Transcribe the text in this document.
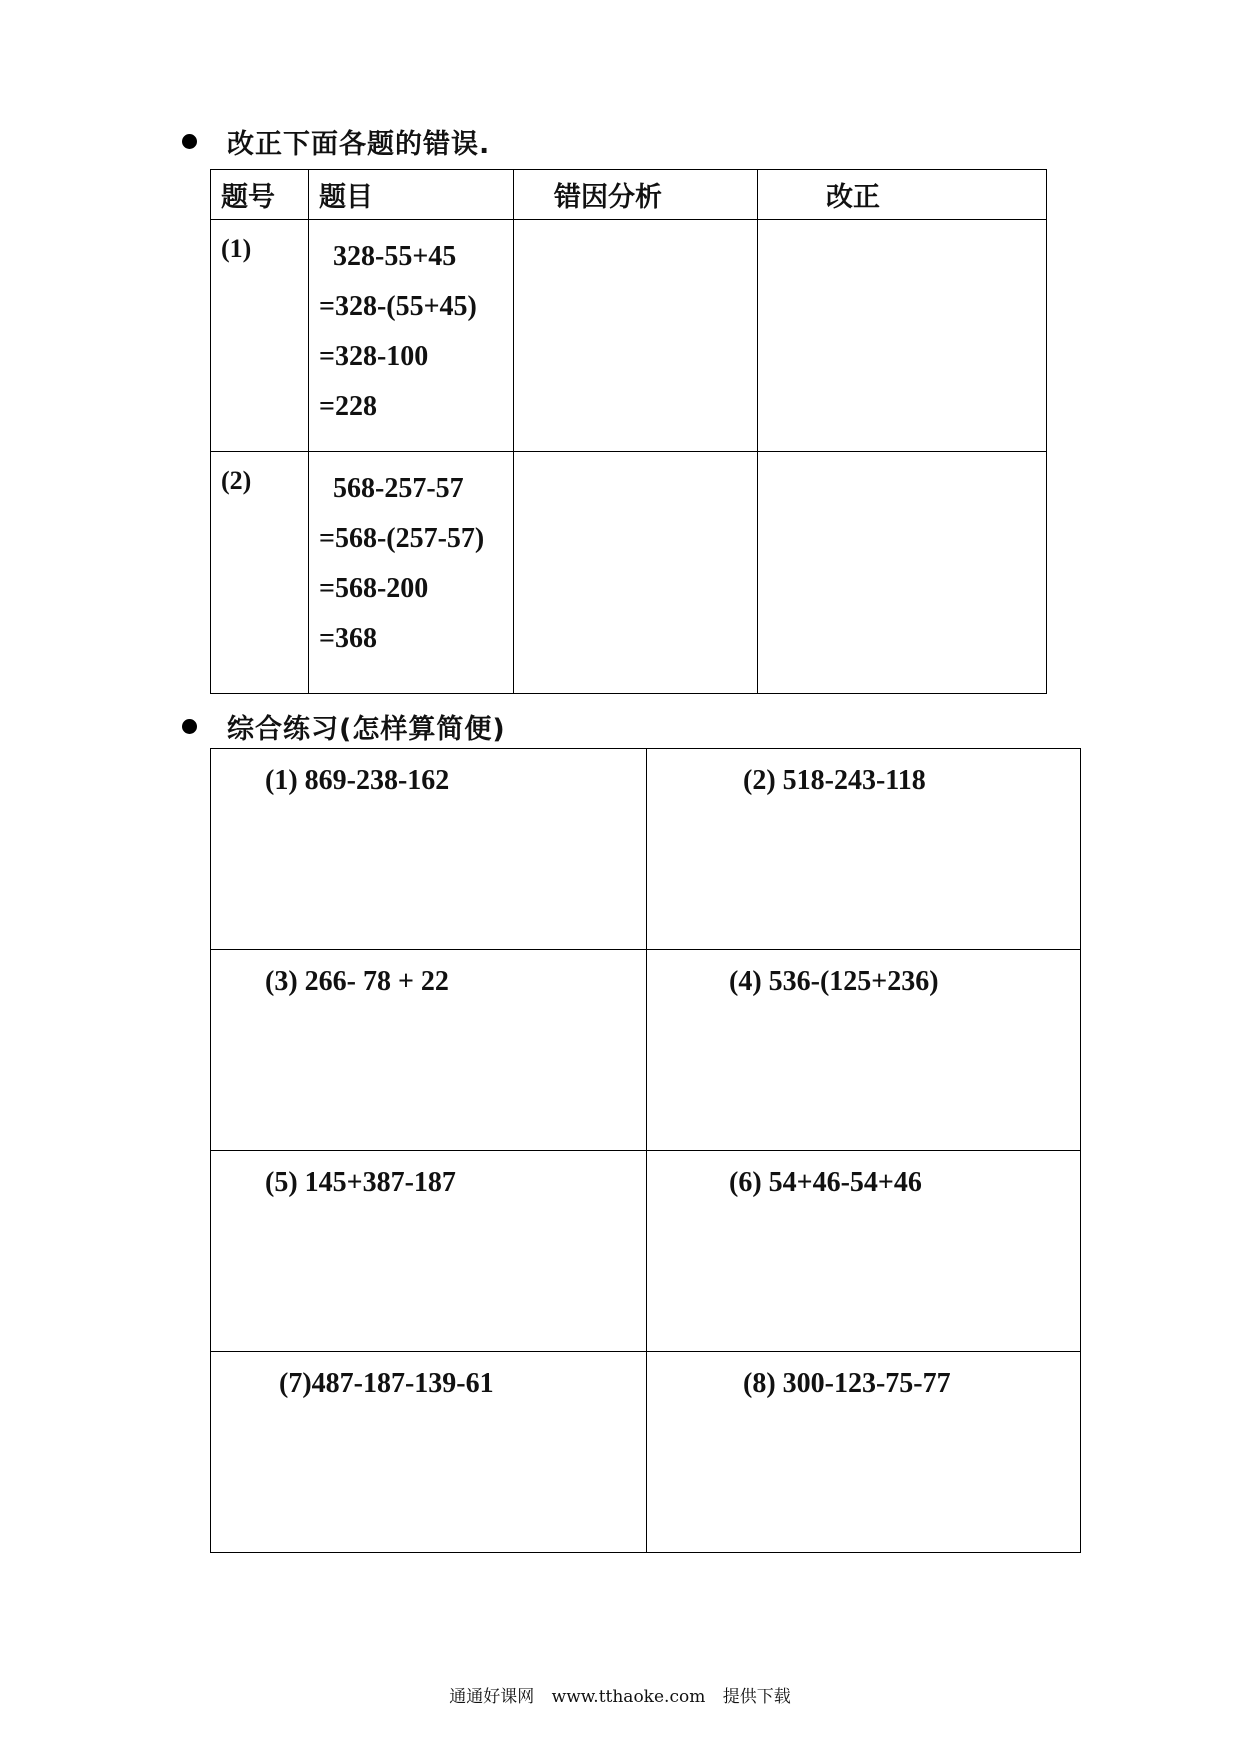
改正下面各题的错误.
题号	题目	错因分析	改正
(1)	328-55+45
=328-(55+45)
=328-100
=228		

(2)	568-257-57
=568-(257-57)
=568-200
=368		

综合练习(怎样算简便)
(1) 869-238-162	(2) 518-243-118

(3) 266- 78 + 22	(4) 536-(125+236)

(5) 145+387-187	(6) 54+46-54+46

(7)487-187-139-61	(8) 300-123-75-77
通通好课网 www.tthaoke.com 提供下载
